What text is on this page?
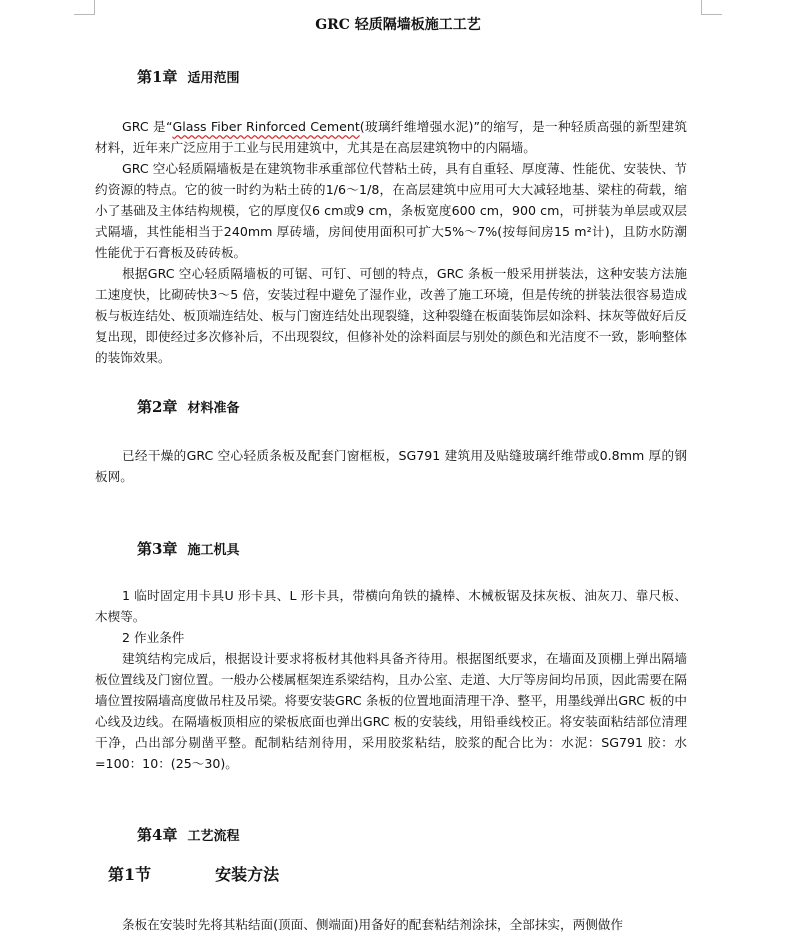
GRC 轻质隔墙板施工工艺
第1章 适用范围
GRC 是“Glass Fiber Rinforced Cement(玻璃纤维增强水泥)”的缩写，是一种轻质高强的新型建筑材料，近年来广泛应用于工业与民用建筑中，尤其是在高层建筑物中的内隔墙。
GRC 空心轻质隔墙板是在建筑物非承重部位代替粘土砖，具有自重轻、厚度薄、性能优、安装快、节约资源的特点。它的彼一时约为粘土砖的1/6～1/8，在高层建筑中应用可大大减轻地基、梁柱的荷载，缩小了基础及主体结构规模，它的厚度仅6 cm或9 cm，条板宽度600 cm，900 cm，可拼装为单层或双层式隔墙，其性能相当于240mm 厚砖墙，房间使用面积可扩大5%～7%(按每间房15 m²计)，且防水防潮性能优于石膏板及砖砖板。
根据GRC 空心轻质隔墙板的可锯、可钉、可刨的特点，GRC 条板一般采用拼装法，这种安装方法施工速度快，比砌砖快3～5 倍，安装过程中避免了湿作业，改善了施工环境，但是传统的拼装法很容易造成板与板连结处、板顶端连结处、板与门窗连结处出现裂缝，这种裂缝在板面装饰层如涂料、抹灰等做好后反复出现，即使经过多次修补后，不出现裂纹，但修补处的涂料面层与别处的颜色和光洁度不一致，影响整体的装饰效果。
第2章 材料准备
已经干燥的GRC 空心轻质条板及配套门窗框板，SG791 建筑用及贴缝玻璃纤维带或0.8mm 厚的钢板网。
第3章 施工机具
1 临时固定用卡具U 形卡具、L 形卡具，带横向角铁的撬棒、木械板锯及抹灰板、油灰刀、靠尺板、木楔等。
2 作业条件
建筑结构完成后，根据设计要求将板材其他料具备齐待用。根据图纸要求，在墙面及顶棚上弹出隔墙板位置线及门窗位置。一般办公楼属框架连系梁结构，且办公室、走道、大厅等房间均吊顶，因此需要在隔墙位置按隔墙高度做吊柱及吊梁。将要安装GRC 条板的位置地面清理干净、整平，用墨线弹出GRC 板的中心线及边线。在隔墙板顶相应的梁板底面也弹出GRC 板的安装线，用铅垂线校正。将安装面粘结部位清理干净，凸出部分剔凿平整。配制粘结剂待用，采用胶浆粘结，胶浆的配合比为：水泥：SG791 胶：水=100：10：(25～30)。
第4章 工艺流程
第1节	安装方法
条板在安装时先将其粘结面(顶面、侧端面)用备好的配套粘结剂涂抹，全部抹实，两侧做作
